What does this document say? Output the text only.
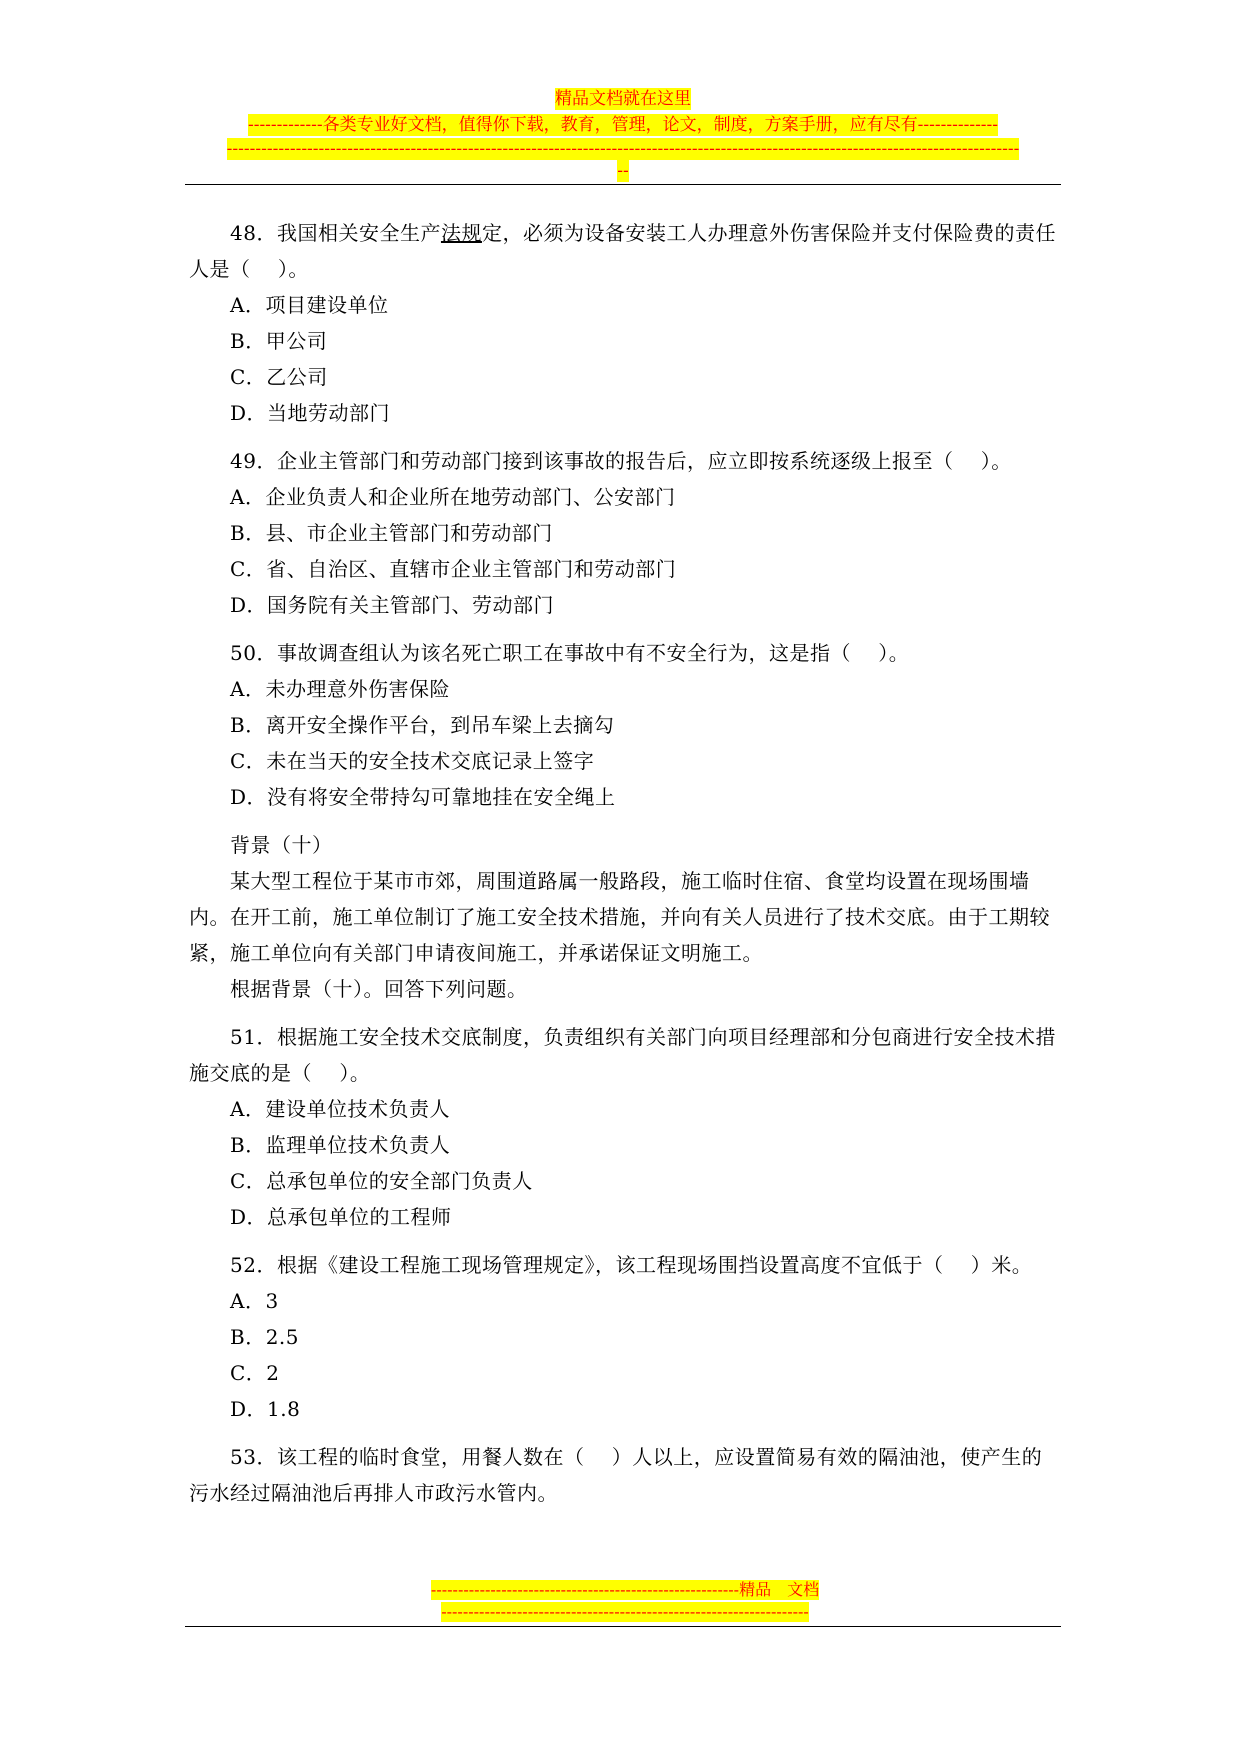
精品文档就在这里
-------------各类专业好文档，值得你下载，教育，管理，论文，制度，方案手册，应有尽有--------------
------------------------------------------------------------------------------------------------------------------------------------------
--

48．我国相关安全生产法规定，必须为设备安装工人办理意外伤害保险并支付保险费的责任人是（　 ）。

A．项目建设单位

B．甲公司

C．乙公司

D．当地劳动部门

49．企业主管部门和劳动部门接到该事故的报告后，应立即按系统逐级上报至（　 ）。

A．企业负责人和企业所在地劳动部门、公安部门

B．县、市企业主管部门和劳动部门

C．省、自治区、直辖市企业主管部门和劳动部门

D．国务院有关主管部门、劳动部门

50．事故调查组认为该名死亡职工在事故中有不安全行为，这是指（　 ）。

A．未办理意外伤害保险

B．离开安全操作平台，到吊车梁上去摘勾

C．未在当天的安全技术交底记录上签字

D．没有将安全带持勾可靠地挂在安全绳上

背景（十）

某大型工程位于某市市郊，周围道路属一般路段，施工临时住宿、食堂均设置在现场围墙内。在开工前，施工单位制订了施工安全技术措施，并向有关人员进行了技术交底。由于工期较紧，施工单位向有关部门申请夜间施工，并承诺保证文明施工。

根据背景（十）。回答下列问题。

51．根据施工安全技术交底制度，负责组织有关部门向项目经理部和分包商进行安全技术措施交底的是（　 ）。

A．建设单位技术负责人

B．监理单位技术负责人

C．总承包单位的安全部门负责人

D．总承包单位的工程师

52．根据《建设工程施工现场管理规定》，该工程现场围挡设置高度不宜低于（　 ）米。

A．3

B．2.5

C．2

D．1.8

53．该工程的临时食堂，用餐人数在（　 ）人以上，应设置简易有效的隔油池，使产生的污水经过隔油池后再排人市政污水管内。

---------------------------------------------------------精品　文档
--------------------------------------------------------------------
